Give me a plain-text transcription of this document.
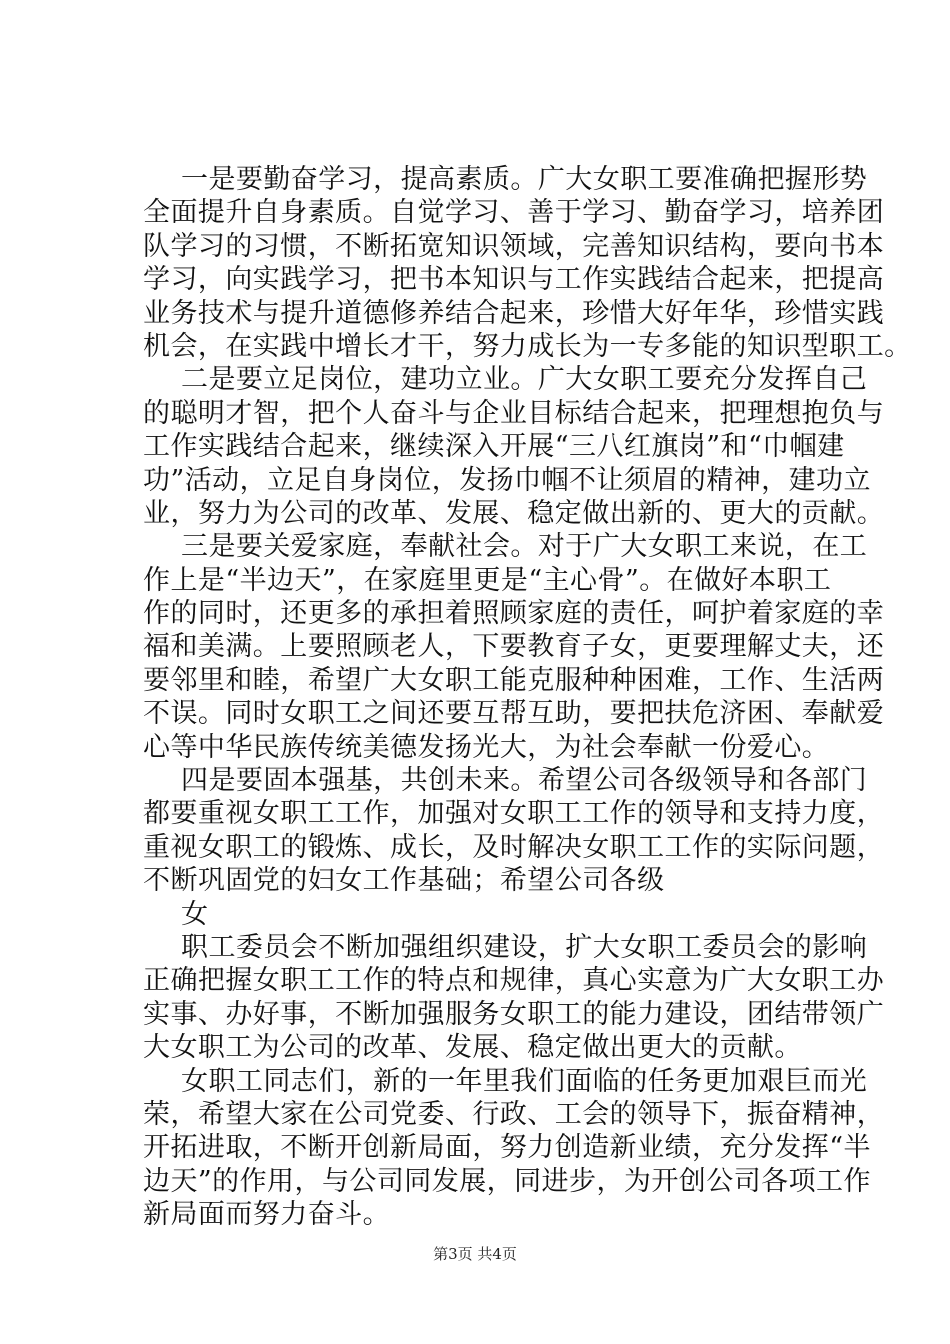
一是要勤奋学习，提高素质。广大女职工要准确把握形势
全面提升自身素质。自觉学习、善于学习、勤奋学习，培养团
队学习的习惯，不断拓宽知识领域，完善知识结构，要向书本
学习，向实践学习，把书本知识与工作实践结合起来，把提高
业务技术与提升道德修养结合起来，珍惜大好年华，珍惜实践
机会，在实践中增长才干，努力成长为一专多能的知识型职工。
二是要立足岗位，建功立业。广大女职工要充分发挥自己
的聪明才智，把个人奋斗与企业目标结合起来，把理想抱负与
工作实践结合起来，继续深入开展“三八红旗岗”和“巾帼建
功”活动，立足自身岗位，发扬巾帼不让须眉的精神，建功立
业，努力为公司的改革、发展、稳定做出新的、更大的贡献。
三是要关爱家庭，奉献社会。对于广大女职工来说，在工
作上是“半边天”，在家庭里更是“主心骨”。在做好本职工
作的同时，还更多的承担着照顾家庭的责任，呵护着家庭的幸
福和美满。上要照顾老人，下要教育子女，更要理解丈夫，还
要邻里和睦，希望广大女职工能克服种种困难，工作、生活两
不误。同时女职工之间还要互帮互助，要把扶危济困、奉献爱
心等中华民族传统美德发扬光大，为社会奉献一份爱心。
四是要固本强基，共创未来。希望公司各级领导和各部门
都要重视女职工工作，加强对女职工工作的领导和支持力度，
重视女职工的锻炼、成长，及时解决女职工工作的实际问题，
不断巩固党的妇女工作基础；希望公司各级
女
职工委员会不断加强组织建设，扩大女职工委员会的影响
正确把握女职工工作的特点和规律，真心实意为广大女职工办
实事、办好事，不断加强服务女职工的能力建设，团结带领广
大女职工为公司的改革、发展、稳定做出更大的贡献。
女职工同志们，新的一年里我们面临的任务更加艰巨而光
荣，希望大家在公司党委、行政、工会的领导下，振奋精神，
开拓进取，不断开创新局面，努力创造新业绩，充分发挥“半
边天”的作用，与公司同发展，同进步，为开创公司各项工作
新局面而努力奋斗。
第3页 共4页
